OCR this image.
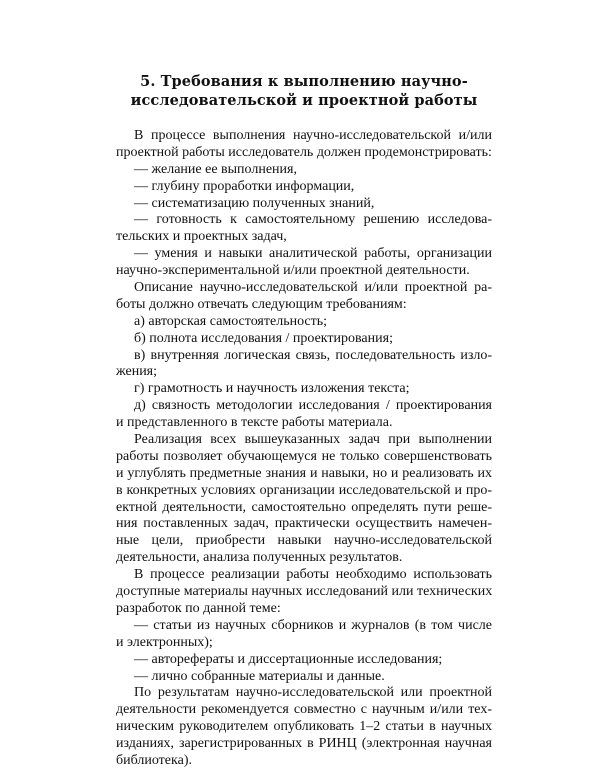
5. Требования к выполнению научно-
исследовательской и проектной работы
В процессе выполнения научно-исследовательской и/или
проектной работы исследователь должен продемонстрировать:
— желание ее выполнения,
— глубину проработки информации,
— систематизацию полученных знаний,
— готовность к самостоятельному решению исследова-
тельских и проектных задач,
— умения и навыки аналитической работы, организации
научно-экспериментальной и/или проектной деятельности.
Описание научно-исследовательской и/или проектной ра-
боты должно отвечать следующим требованиям:
а) авторская самостоятельность;
б) полнота исследования / проектирования;
в) внутренняя логическая связь, последовательность изло-
жения;
г) грамотность и научность изложения текста;
д) связность методологии исследования / проектирования
и представленного в тексте работы материала.
Реализация всех вышеуказанных задач при выполнении
работы позволяет обучающемуся не только совершенствовать
и углублять предметные знания и навыки, но и реализовать их
в конкретных условиях организации исследовательской и про-
ектной деятельности, самостоятельно определять пути реше-
ния поставленных задач, практически осуществить намечен-
ные цели, приобрести навыки научно-исследовательской
деятельности, анализа полученных результатов.
В процессе реализации работы необходимо использовать
доступные материалы научных исследований или технических
разработок по данной теме:
— статьи из научных сборников и журналов (в том числе
и электронных);
— авторефераты и диссертационные исследования;
— лично собранные материалы и данные.
По результатам научно-исследовательской или проектной
деятельности рекомендуется совместно с научным и/или тех-
ническим руководителем опубликовать 1–2 статьи в научных
изданиях, зарегистрированных в РИНЦ (электронная научная
библиотека).
